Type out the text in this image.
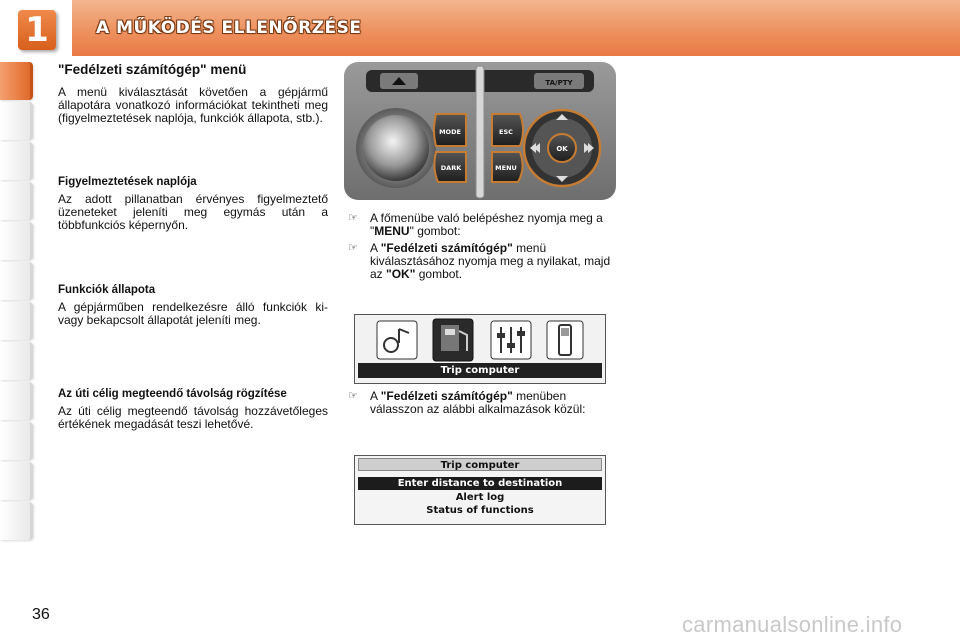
1	A MŰKÖDÉS ELLENŐRZÉSE
"Fedélzeti számítógép" menü

A menü kiválasztását követően a gépjármű állapotára vonatkozó információkat tekintheti meg (figyelmeztetések naplója, funkciók állapota, stb.).

Figyelmeztetések naplója

Az adott pillanatban érvényes figyelmeztető üzeneteket jeleníti meg egymás után a többfunkciós képernyőn.

Funkciók állapota

A gépjárműben rendelkezésre álló funkciók ki- vagy bekapcsolt állapotát jeleníti meg.

Az úti célig megteendő távolság rögzítése

Az úti célig megteendő távolság hozzávetőleges értékének megadását teszi lehetővé.

TA/PTY
MODE
DARK
ESC
MENU
OK
☞ A főmenübe való belépéshez nyomja meg a "MENU" gombot:
☞ A "Fedélzeti számítógép" menü kiválasztásához nyomja meg a nyilakat, majd az "OK" gombot.
Trip computer
☞ A "Fedélzeti számítógép" menüben válasszon az alábbi alkalmazások közül:
Trip computer
Enter distance to destination
Alert log
Status of functions
36	carmanualsonline.info
